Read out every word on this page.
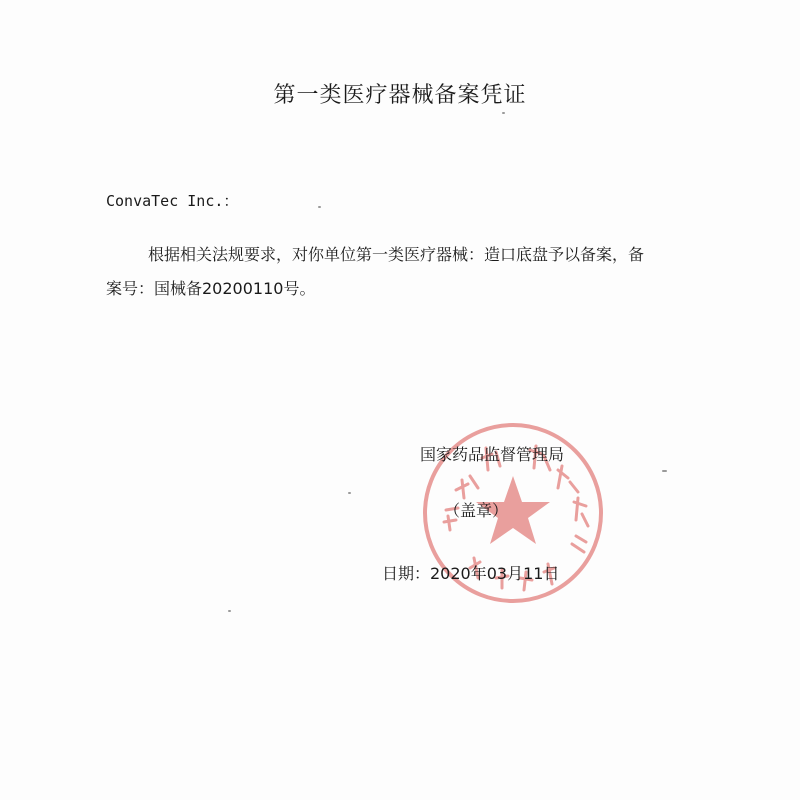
第一类医疗器械备案凭证
ConvaTec Inc.：

根据相关法规要求，对你单位第一类医疗器械：造口底盘予以备案，备案号：国械备20200110号。

国家药品监督管理局
（盖章）
日期：2020年03月11日
